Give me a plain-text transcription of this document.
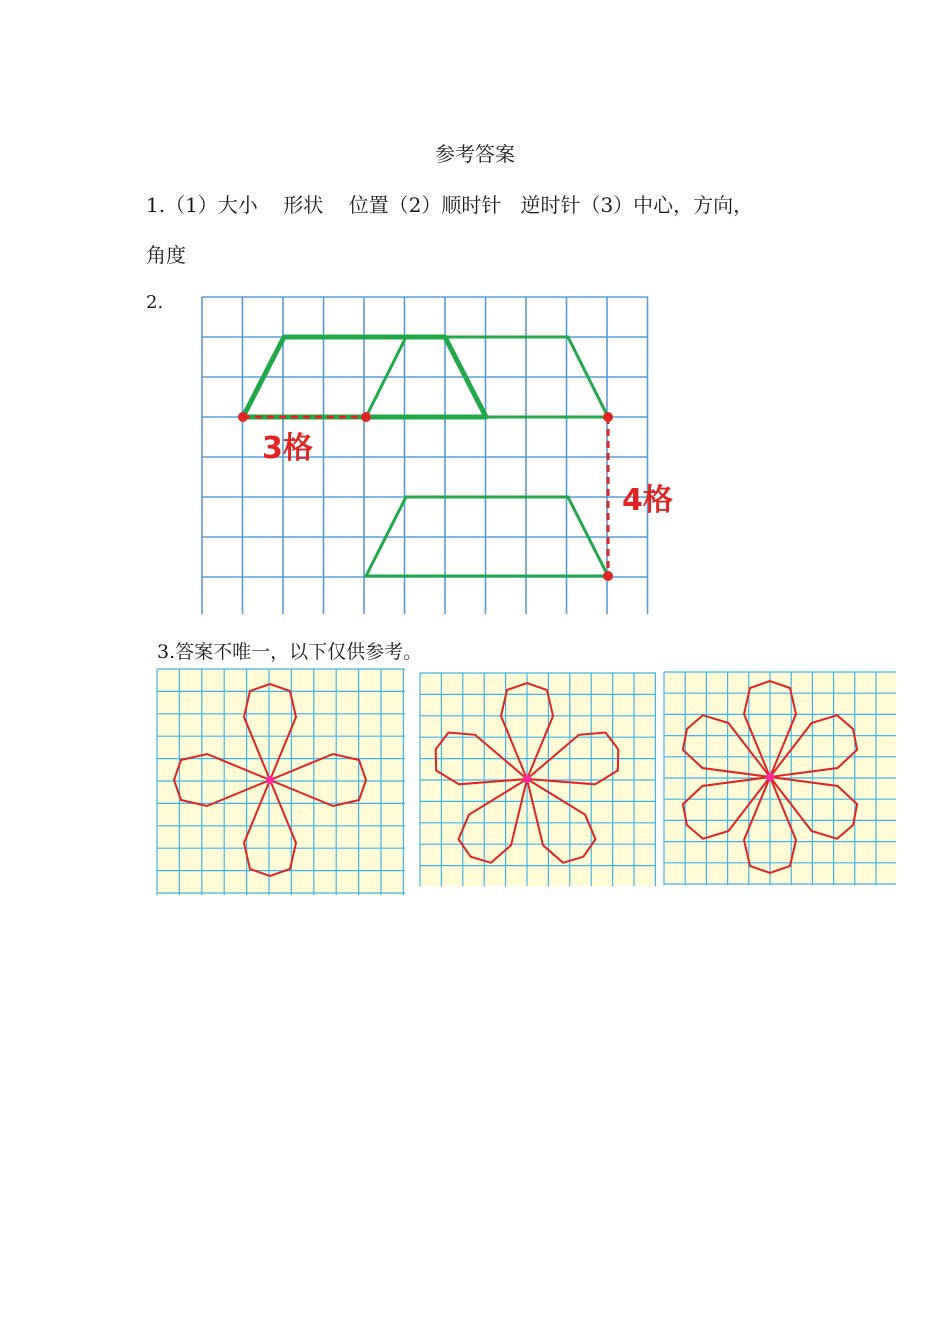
参考答案
1.（1）大小    形状    位置（2）顺时针   逆时针（3）中心，方向，
角度
2.
3格
4格
3.答案不唯一，以下仅供参考。
